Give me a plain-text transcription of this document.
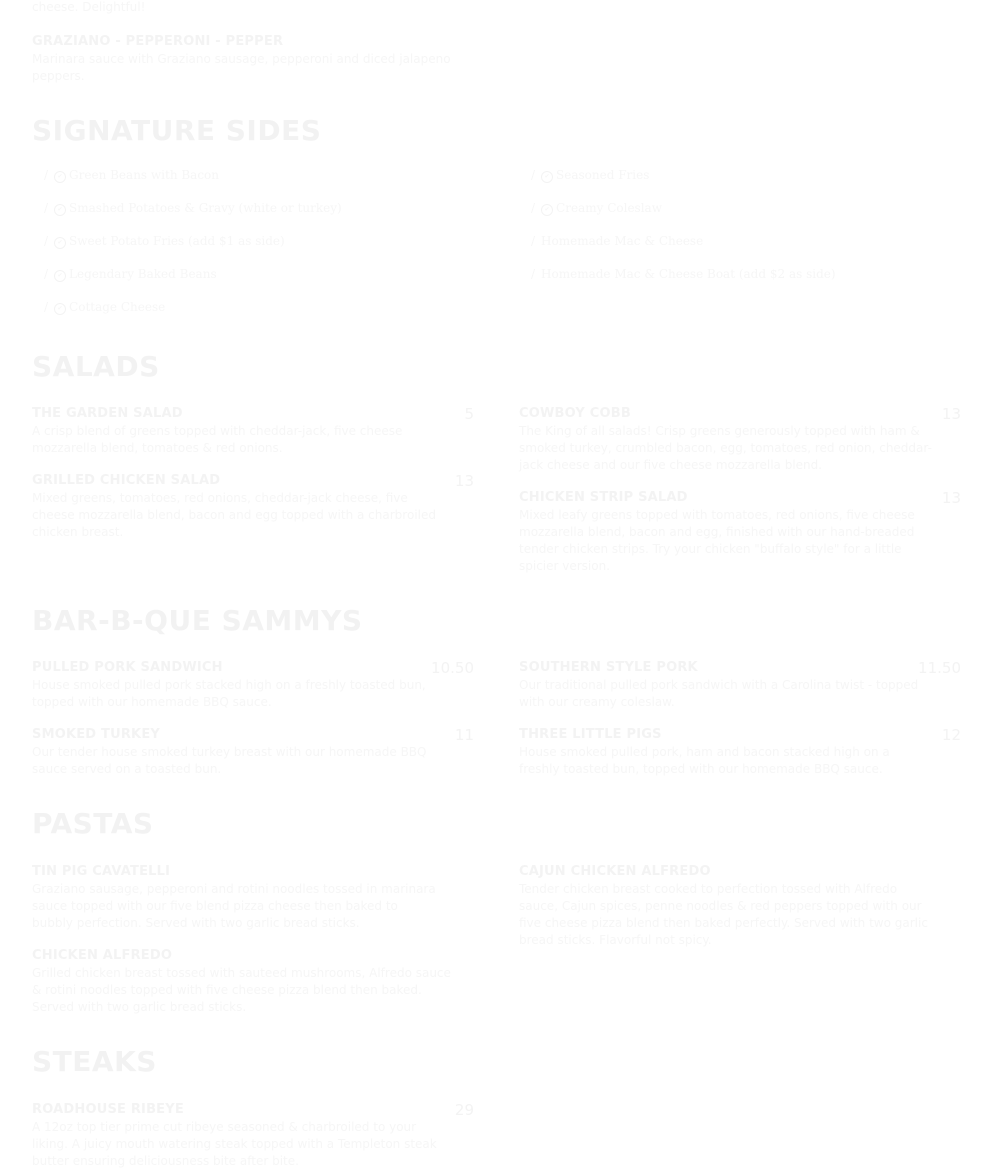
cheese. Delightful!
GRAZIANO - PEPPERONI - PEPPER
Marinara sauce with Graziano sausage, pepperoni and diced jalapeno peppers.
SIGNATURE SIDES
/ ✔ Green Beans with Bacon
/ ✔ Smashed Potatoes & Gravy (white or turkey)
/ ✔ Sweet Potato Fries (add $1 as side)
/ ✔ Legendary Baked Beans
/ ✔ Cottage Cheese
/ ✔ Seasoned Fries
/ ✔ Creamy Coleslaw
/ Homemade Mac & Cheese
/ Homemade Mac & Cheese Boat (add $2 as side)
SALADS
THE GARDEN SALAD	5
A crisp blend of greens topped with cheddar-jack, five cheese mozzarella blend, tomatoes & red onions.
GRILLED CHICKEN SALAD	13
Mixed greens, tomatoes, red onions, cheddar-jack cheese, five cheese mozzarella blend, bacon and egg topped with a charbroiled chicken breast.
COWBOY COBB	13
The King of all salads! Crisp greens generously topped with ham & smoked turkey, crumbled bacon, egg, tomatoes, red onion, cheddar-jack cheese and our five cheese mozzarella blend.
CHICKEN STRIP SALAD	13
Mixed leafy greens topped with tomatoes, red onions, five cheese mozzarella blend, bacon and egg, finished with our hand-breaded tender chicken strips. Try your chicken "buffalo style" for a little spicier version.
BAR-B-QUE SAMMYS
PULLED PORK SANDWICH	10.50
House smoked pulled pork stacked high on a freshly toasted bun, topped with our homemade BBQ sauce.
SMOKED TURKEY	11
Our tender house smoked turkey breast with our homemade BBQ sauce served on a toasted bun.
SOUTHERN STYLE PORK	11.50
Our traditional pulled pork sandwich with a Carolina twist - topped with our creamy coleslaw.
THREE LITTLE PIGS	12
House smoked pulled pork, ham and bacon stacked high on a freshly toasted bun, topped with our homemade BBQ sauce.
PASTAS
TIN PIG CAVATELLI
Graziano sausage, pepperoni and rotini noodles tossed in marinara sauce topped with our five blend pizza cheese then baked to bubbly perfection. Served with two garlic bread sticks.
CHICKEN ALFREDO
Grilled chicken breast tossed with sauteed mushrooms, Alfredo sauce & rotini noodles topped with five cheese pizza blend then baked. Served with two garlic bread sticks.
CAJUN CHICKEN ALFREDO
Tender chicken breast cooked to perfection tossed with Alfredo sauce, Cajun spices, penne noodles & red peppers topped with our five cheese pizza blend then baked perfectly. Served with two garlic bread sticks. Flavorful not spicy.
STEAKS
ROADHOUSE RIBEYE	29
A 12oz top tier prime cut ribeye seasoned & charbroiled to your liking. A juicy mouth watering steak topped with a Templeton steak butter ensuring deliciousness bite after bite.
